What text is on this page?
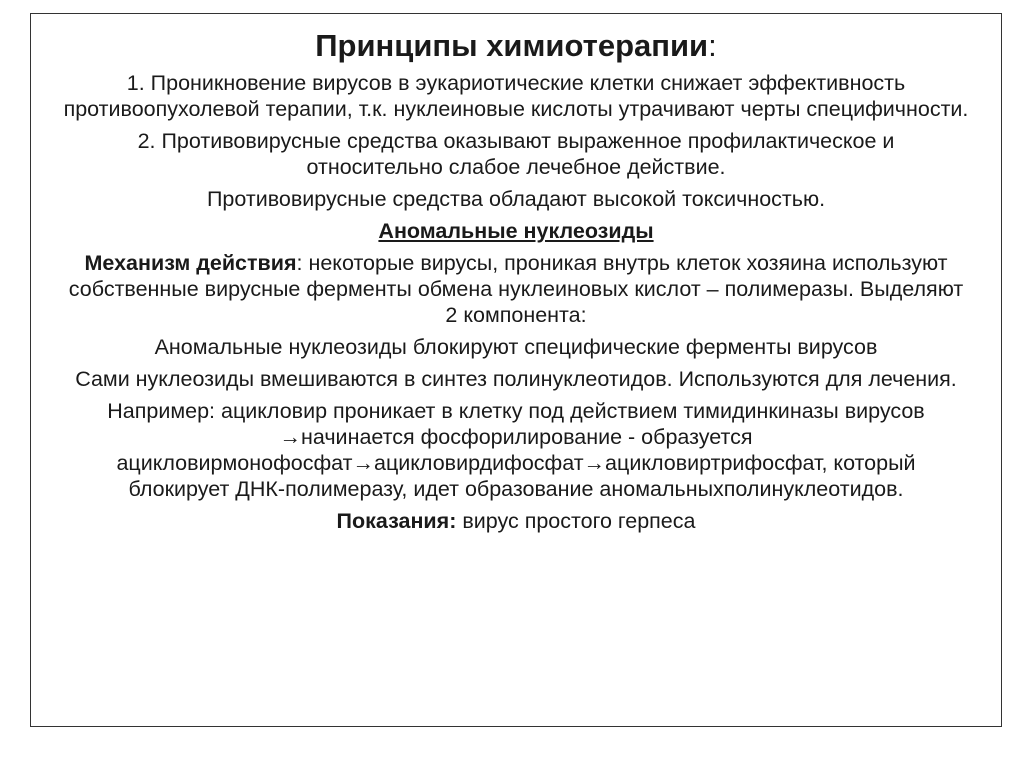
Принципы химиотерапии:

1. Проникновение вирусов в эукариотические клетки снижает эффективность противоопухолевой терапии, т.к. нуклеиновые кислоты утрачивают черты специфичности.

2. Противовирусные средства оказывают выраженное профилактическое и относительно слабое лечебное действие.

Противовирусные средства обладают высокой токсичностью.

Аномальные нуклеозиды

Механизм действия: некоторые вирусы, проникая внутрь клеток хозяина используют собственные вирусные ферменты обмена нуклеиновых кислот – полимеразы. Выделяют 2 компонента:

Аномальные нуклеозиды блокируют специфические ферменты вирусов

Сами нуклеозиды вмешиваются в синтез полинуклеотидов. Используются для лечения.

Например: ацикловир проникает в клетку под действием тимидинкиназы вирусов →начинается фосфорилирование - образуется ацикловирмонофосфат→ацикловирдифосфат→ацикловиртрифосфат, который блокирует ДНК-полимеразу, идет образование аномальныхполинуклеотидов.

Показания: вирус простого герпеса
